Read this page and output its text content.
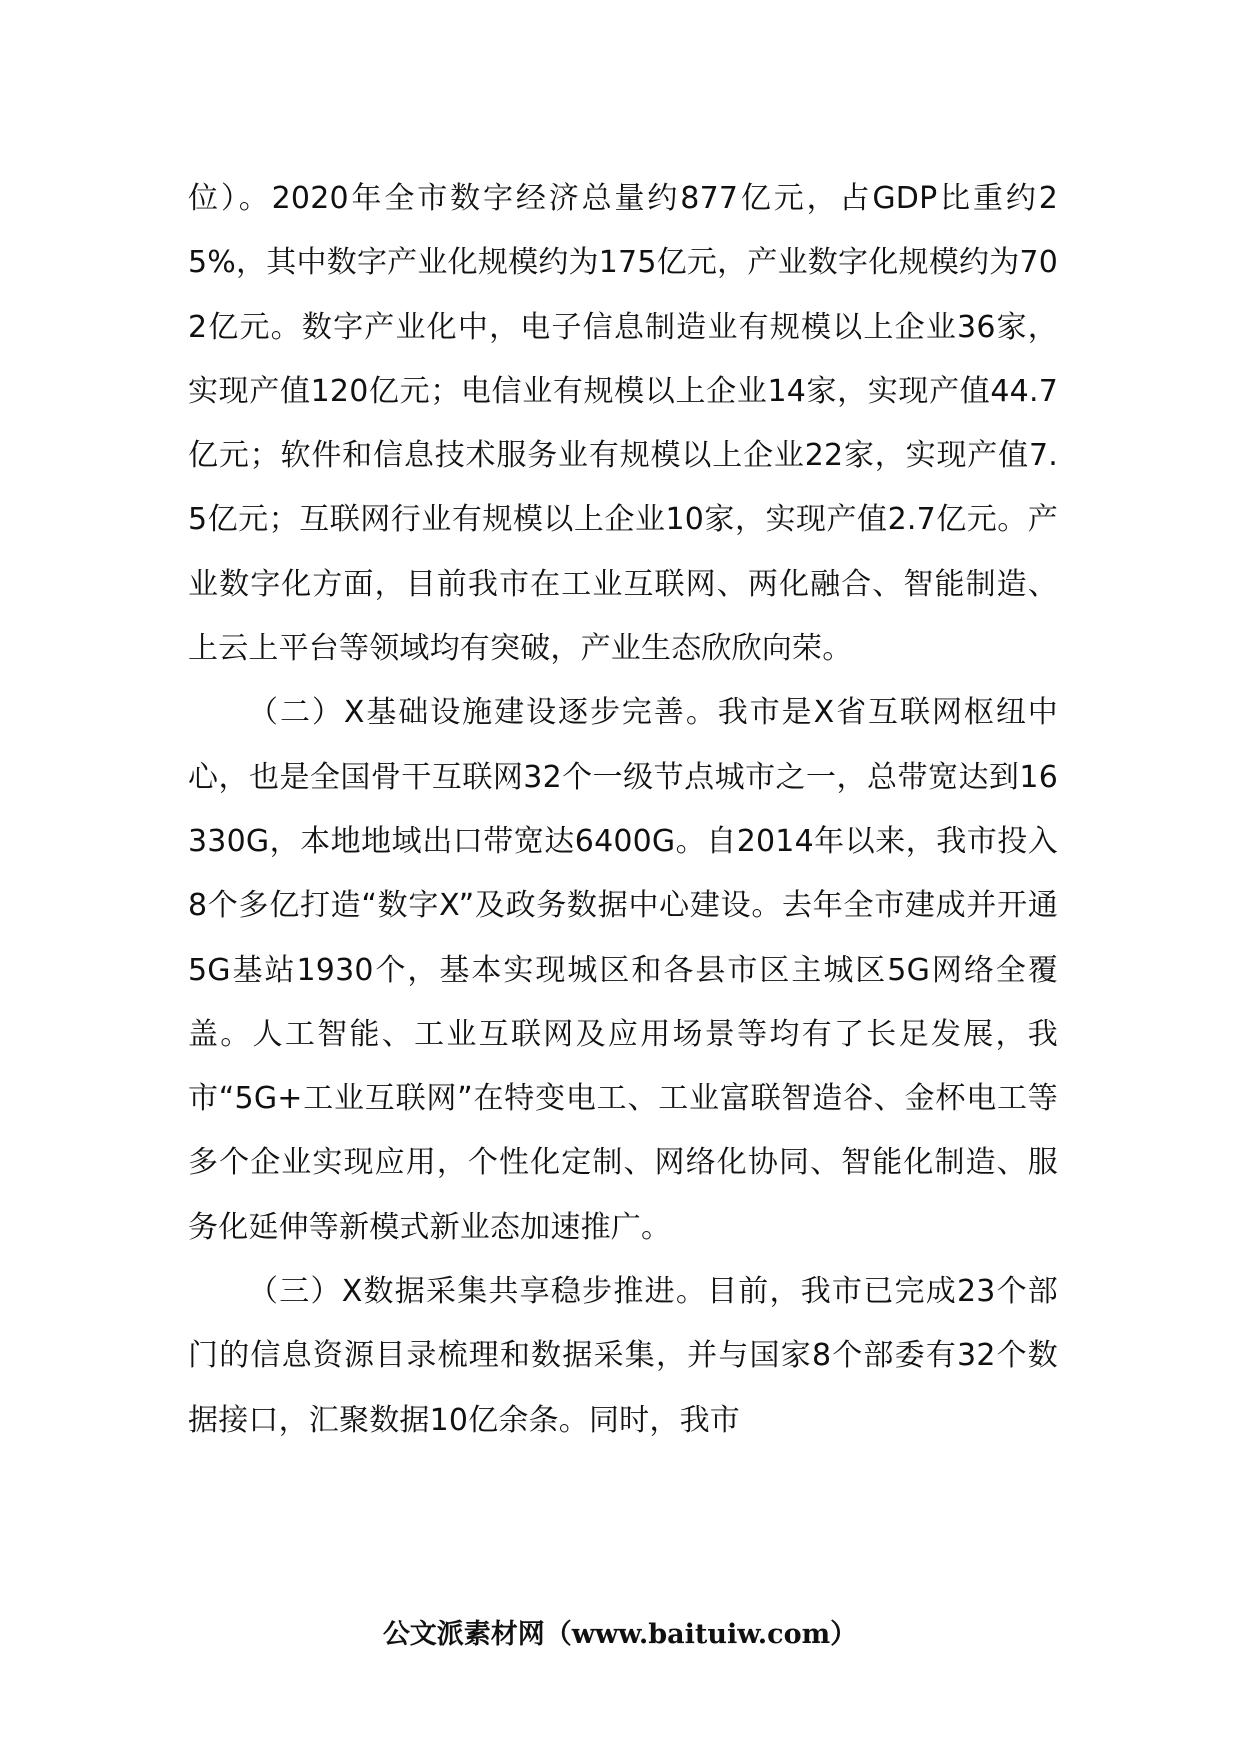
位）。2020年全市数字经济总量约877亿元，占GDP比重约25%，其中数字产业化规模约为175亿元，产业数字化规模约为702亿元。数字产业化中，电子信息制造业有规模以上企业36家，实现产值120亿元；电信业有规模以上企业14家，实现产值44.7亿元；软件和信息技术服务业有规模以上企业22家，实现产值7.5亿元；互联网行业有规模以上企业10家，实现产值2.7亿元。产业数字化方面，目前我市在工业互联网、两化融合、智能制造、上云上平台等领域均有突破，产业生态欣欣向荣。

（二）X基础设施建设逐步完善。我市是X省互联网枢纽中心，也是全国骨干互联网32个一级节点城市之一，总带宽达到16330G，本地地域出口带宽达6400G。自2014年以来，我市投入8个多亿打造“数字X”及政务数据中心建设。去年全市建成并开通5G基站1930个，基本实现城区和各县市区主城区5G网络全覆盖。人工智能、工业互联网及应用场景等均有了长足发展，我市“5G+工业互联网”在特变电工、工业富联智造谷、金杯电工等多个企业实现应用，个性化定制、网络化协同、智能化制造、服务化延伸等新模式新业态加速推广。

（三）X数据采集共享稳步推进。目前，我市已完成23个部门的信息资源目录梳理和数据采集，并与国家8个部委有32个数据接口，汇聚数据10亿余条。同时，我市

公文派素材网（www.baituiw.com）
